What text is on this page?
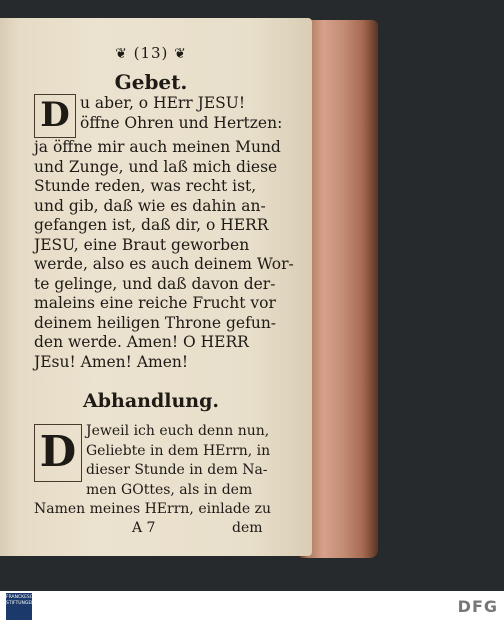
❦ (13) ❦
Gebet.
D u aber, o HErr JESU!
öffne Ohren und Hertzen:
ja öffne mir auch meinen Mund
und Zunge, und laß mich diese
Stunde reden, was recht ist,
und gib, daß wie es dahin an-
gefangen ist, daß dir, o HERR
JESU, eine Braut geworben
werde, also es auch deinem Wor-
te gelinge, und daß davon der-
maleins eine reiche Frucht vor
deinem heiligen Throne gefun-
den werde. Amen! O HERR
JEsu! Amen! Amen!
Abhandlung.
D Jeweil ich euch denn nun,
Geliebte in dem HErrn, in
dieser Stunde in dem Na-
men GOttes, als in dem
Namen meines HErrn, einlade zu
A 7	dem
FRANCKESCHE STIFTUNGEN	DFG
